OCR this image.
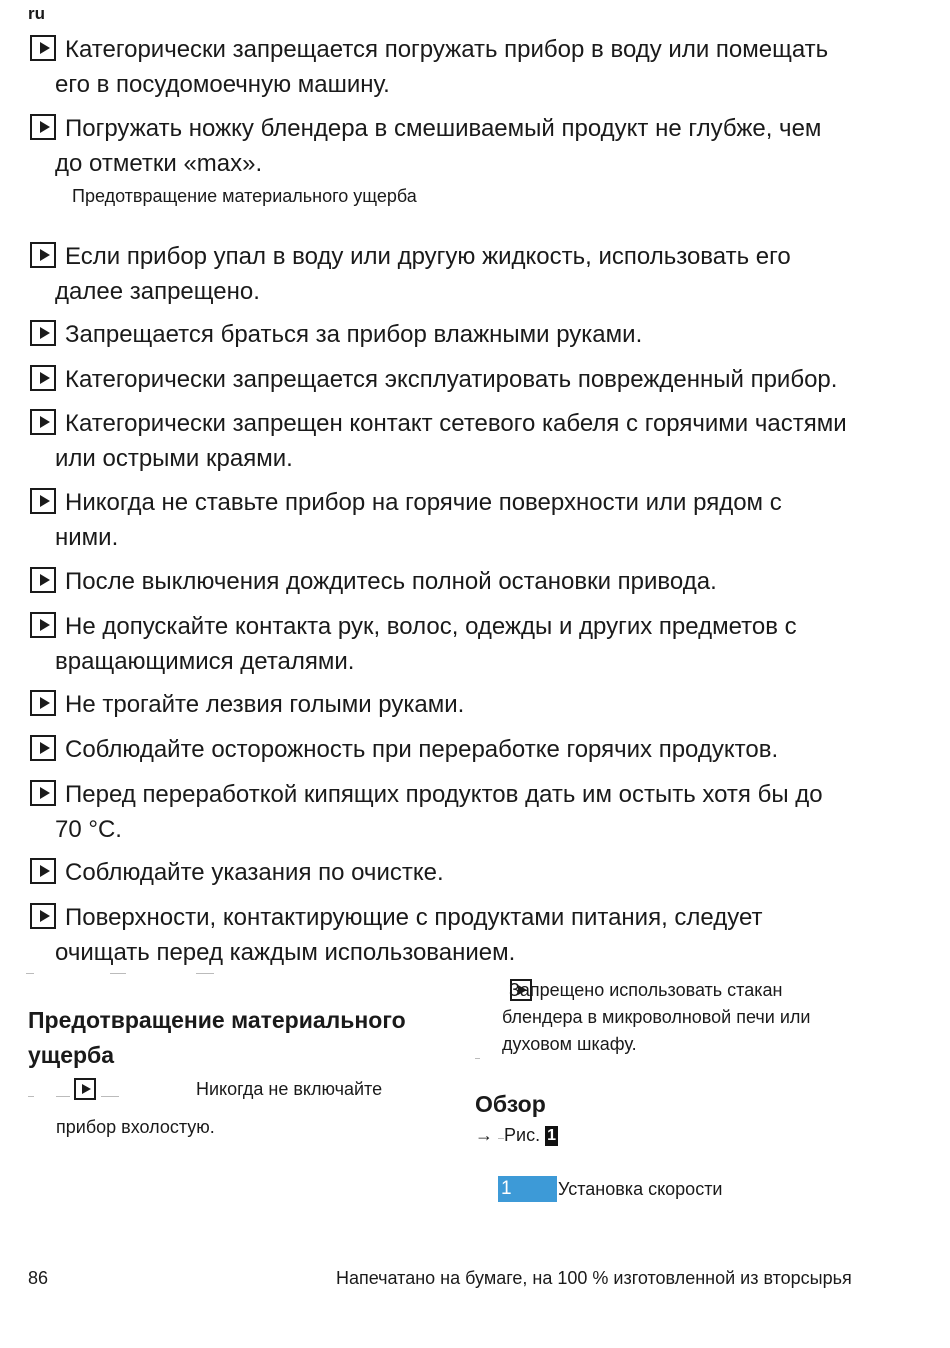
ru
Категорически запрещается погружать прибор в воду или помещать
его в посудомоечную машину.
Погружать ножку блендера в смешиваемый продукт не глубже, чем
до отметки «max».
Предотвращение материального ущерба
Если прибор упал в воду или другую жидкость, использовать его
далее запрещено.
Запрещается браться за прибор влажными руками.
Категорически запрещается эксплуатировать поврежденный прибор.
Категорически запрещен контакт сетевого кабеля с горячими частями
или острыми краями.
Никогда не ставьте прибор на горячие поверхности или рядом с
ними.
После выключения дождитесь полной остановки привода.
Не допускайте контакта рук, волос, одежды и других предметов с
вращающимися деталями.
Не трогайте лезвия голыми руками.
Соблюдайте осторожность при переработке горячих продуктов.
Перед переработкой кипящих продуктов дать им остыть хотя бы до
70 °C.
Соблюдайте указания по очистке.
Поверхности, контактирующие с продуктами питания, следует
очищать перед каждым использованием.
Предотвращение материального
ущерба

Никогда не включайте
прибор вхолостую.
Запрещено использовать стакан
блендера в микроволновой печи или
духовом шкафу.
Обзор
→ Рис. 1
1	Установка скорости
86	Напечатано на бумаге, на 100 % изготовленной из вторсырья
